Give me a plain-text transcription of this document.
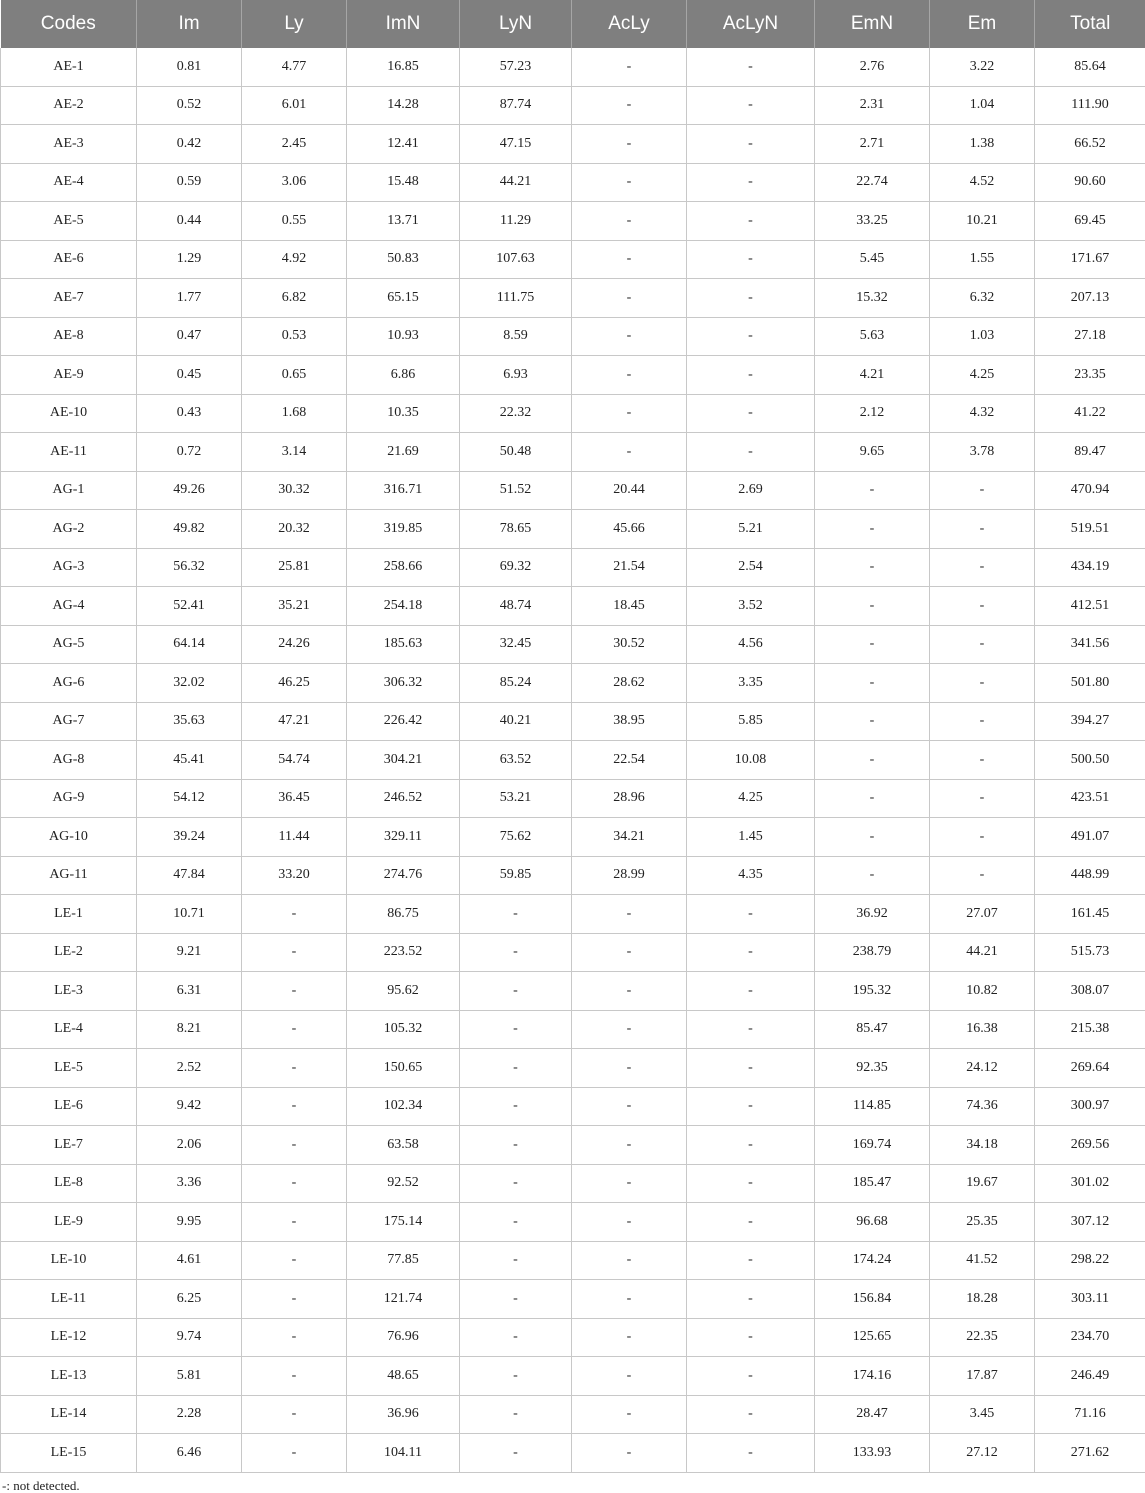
Codes	Im	Ly	ImN	LyN	AcLy	AcLyN	EmN	Em	Total
AE-1	0.81	4.77	16.85	57.23	-	-	2.76	3.22	85.64
AE-2	0.52	6.01	14.28	87.74	-	-	2.31	1.04	111.90
AE-3	0.42	2.45	12.41	47.15	-	-	2.71	1.38	66.52
AE-4	0.59	3.06	15.48	44.21	-	-	22.74	4.52	90.60
AE-5	0.44	0.55	13.71	11.29	-	-	33.25	10.21	69.45
AE-6	1.29	4.92	50.83	107.63	-	-	5.45	1.55	171.67
AE-7	1.77	6.82	65.15	111.75	-	-	15.32	6.32	207.13
AE-8	0.47	0.53	10.93	8.59	-	-	5.63	1.03	27.18
AE-9	0.45	0.65	6.86	6.93	-	-	4.21	4.25	23.35
AE-10	0.43	1.68	10.35	22.32	-	-	2.12	4.32	41.22
AE-11	0.72	3.14	21.69	50.48	-	-	9.65	3.78	89.47
AG-1	49.26	30.32	316.71	51.52	20.44	2.69	-	-	470.94
AG-2	49.82	20.32	319.85	78.65	45.66	5.21	-	-	519.51
AG-3	56.32	25.81	258.66	69.32	21.54	2.54	-	-	434.19
AG-4	52.41	35.21	254.18	48.74	18.45	3.52	-	-	412.51
AG-5	64.14	24.26	185.63	32.45	30.52	4.56	-	-	341.56
AG-6	32.02	46.25	306.32	85.24	28.62	3.35	-	-	501.80
AG-7	35.63	47.21	226.42	40.21	38.95	5.85	-	-	394.27
AG-8	45.41	54.74	304.21	63.52	22.54	10.08	-	-	500.50
AG-9	54.12	36.45	246.52	53.21	28.96	4.25	-	-	423.51
AG-10	39.24	11.44	329.11	75.62	34.21	1.45	-	-	491.07
AG-11	47.84	33.20	274.76	59.85	28.99	4.35	-	-	448.99
LE-1	10.71	-	86.75	-	-	-	36.92	27.07	161.45
LE-2	9.21	-	223.52	-	-	-	238.79	44.21	515.73
LE-3	6.31	-	95.62	-	-	-	195.32	10.82	308.07
LE-4	8.21	-	105.32	-	-	-	85.47	16.38	215.38
LE-5	2.52	-	150.65	-	-	-	92.35	24.12	269.64
LE-6	9.42	-	102.34	-	-	-	114.85	74.36	300.97
LE-7	2.06	-	63.58	-	-	-	169.74	34.18	269.56
LE-8	3.36	-	92.52	-	-	-	185.47	19.67	301.02
LE-9	9.95	-	175.14	-	-	-	96.68	25.35	307.12
LE-10	4.61	-	77.85	-	-	-	174.24	41.52	298.22
LE-11	6.25	-	121.74	-	-	-	156.84	18.28	303.11
LE-12	9.74	-	76.96	-	-	-	125.65	22.35	234.70
LE-13	5.81	-	48.65	-	-	-	174.16	17.87	246.49
LE-14	2.28	-	36.96	-	-	-	28.47	3.45	71.16
LE-15	6.46	-	104.11	-	-	-	133.93	27.12	271.62
-: not detected.
